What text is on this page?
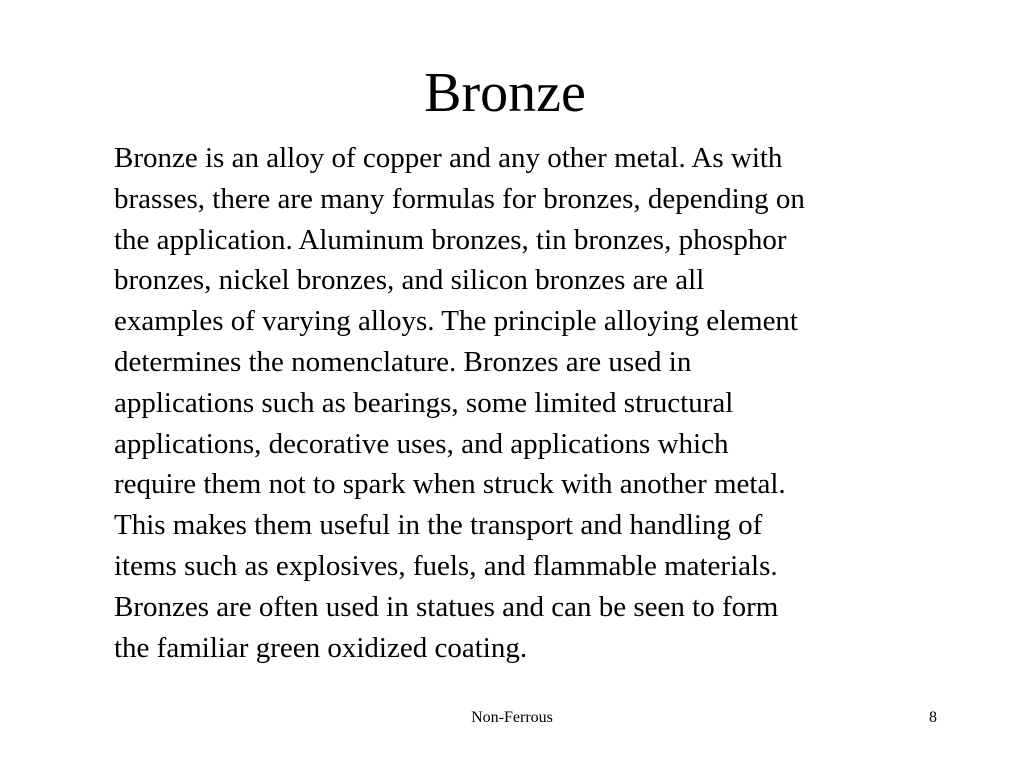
Bronze

Bronze is an alloy of copper and any other metal. As with
brasses, there are many formulas for bronzes, depending on
the application. Aluminum bronzes, tin bronzes, phosphor
bronzes, nickel bronzes, and silicon bronzes are all
examples of varying alloys. The principle alloying element
determines the nomenclature. Bronzes are used in
applications such as bearings, some limited structural
applications, decorative uses, and applications which
require them not to spark when struck with another metal.
This makes them useful in the transport and handling of
items such as explosives, fuels, and flammable materials.
Bronzes are often used in statues and can be seen to form
the familiar green oxidized coating.

Non-Ferrous	8
